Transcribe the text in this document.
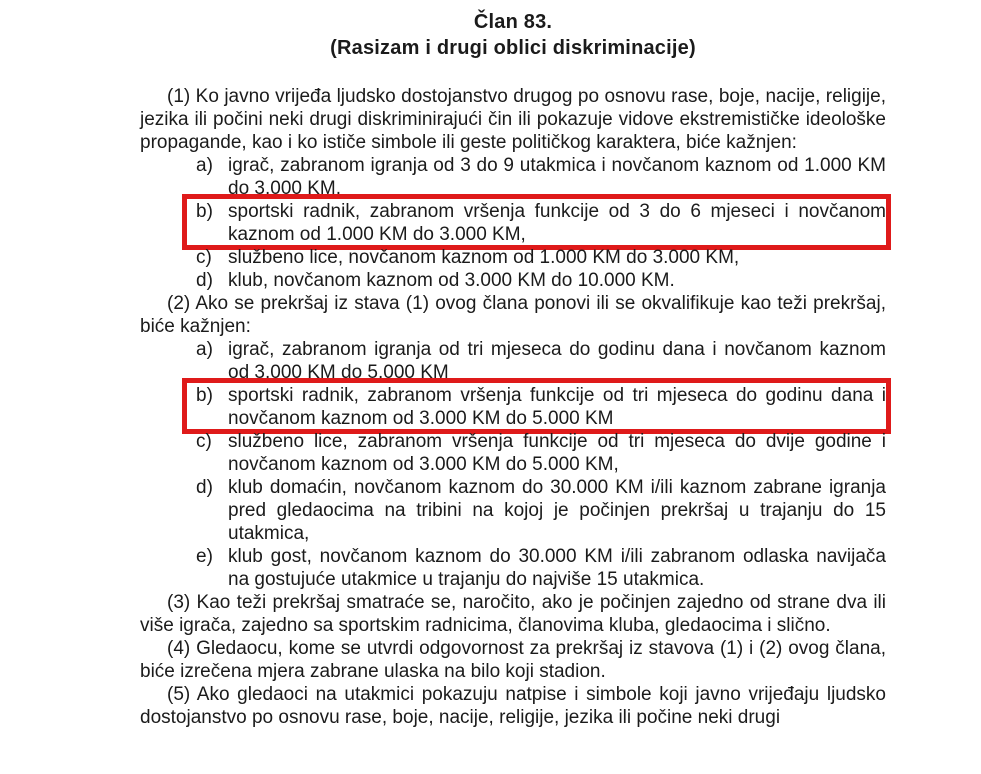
Član 83.
(Rasizam i drugi oblici diskriminacije)

(1) Ko javno vrijeđa ljudsko dostojanstvo drugog po osnovu rase, boje, nacije, religije, jezika ili počini neki drugi diskriminirajući čin ili pokazuje vidove ekstremističke ideološke propagande, kao i ko ističe simbole ili geste političkog karaktera, biće kažnjen:

a) igrač, zabranom igranja od 3 do 9 utakmica i novčanom kaznom od 1.000 KM do 3.000 KM,
b) sportski radnik, zabranom vršenja funkcije od 3 do 6 mjeseci i novčanom kaznom od 1.000 KM do 3.000 KM,
c) službeno lice, novčanom kaznom od 1.000 KM do 3.000 KM,
d) klub, novčanom kaznom od 3.000 KM do 10.000 KM.

(2) Ako se prekršaj iz stava (1) ovog člana ponovi ili se okvalifikuje kao teži prekršaj, biće kažnjen:

a) igrač, zabranom igranja od tri mjeseca do godinu dana i novčanom kaznom od 3.000 KM do 5.000 KM
b) sportski radnik, zabranom vršenja funkcije od tri mjeseca do godinu dana i novčanom kaznom od 3.000 KM do 5.000 KM
c) službeno lice, zabranom vršenja funkcije od tri mjeseca do dvije godine i novčanom kaznom od 3.000 KM do 5.000 KM,
d) klub domaćin, novčanom kaznom do 30.000 KM i/ili kaznom zabrane igranja pred gledaocima na tribini na kojoj je počinjen prekršaj u trajanju do 15 utakmica,
e) klub gost, novčanom kaznom do 30.000 KM i/ili zabranom odlaska navijača na gostujuće utakmice u trajanju do najviše 15 utakmica.

(3) Kao teži prekršaj smatraće se, naročito, ako je počinjen zajedno od strane dva ili više igrača, zajedno sa sportskim radnicima, članovima kluba, gledaocima i slično.

(4) Gledaocu, kome se utvrdi odgovornost za prekršaj iz stavova (1) i (2) ovog člana, biće izrečena mjera zabrane ulaska na bilo koji stadion.

(5) Ako gledaoci na utakmici pokazuju natpise i simbole koji javno vrijeđaju ljudsko dostojanstvo po osnovu rase, boje, nacije, religije, jezika ili počine neki drugi
